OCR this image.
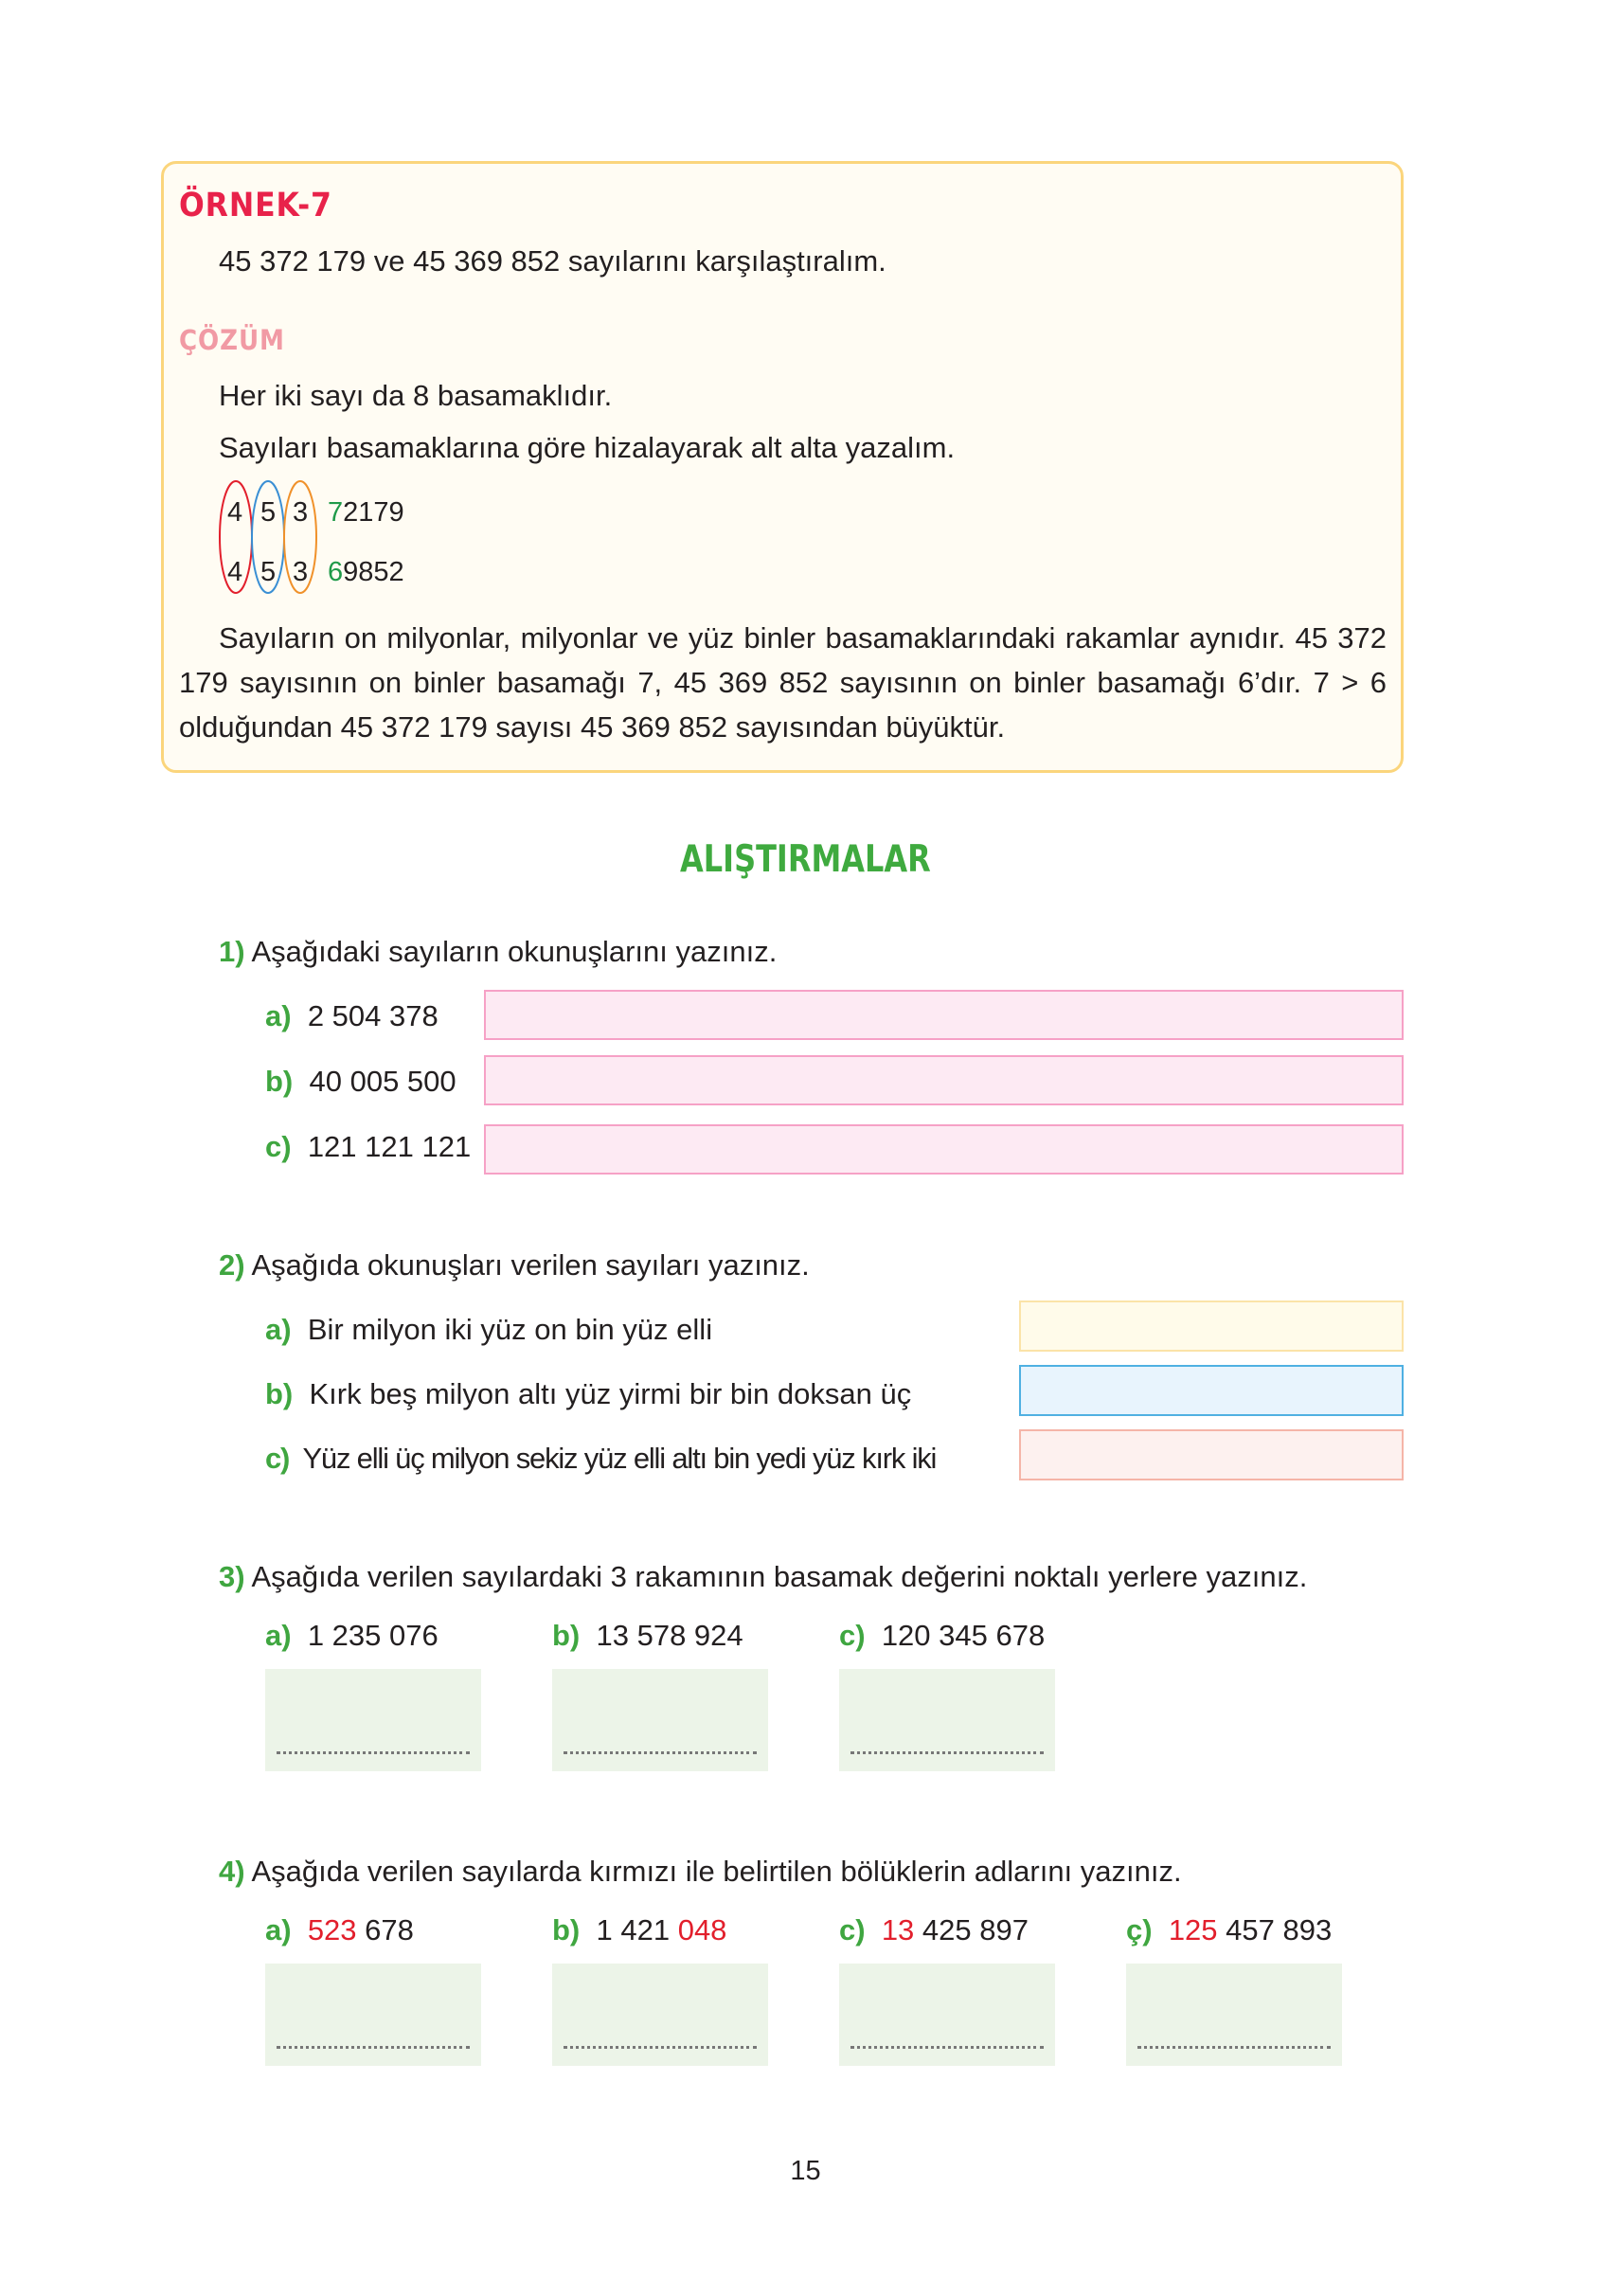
ÖRNEK-7
45 372 179 ve 45 369 852 sayılarını karşılaştıralım.
ÇÖZÜM
Her iki sayı da 8 basamaklıdır.
Sayıları basamaklarına göre hizalayarak alt alta yazalım.
4 5 3 72179
4 5 3 69852
Sayıların on milyonlar, milyonlar ve yüz binler basamaklarındaki rakamlar aynıdır. 45 372 179 sayısının on binler basamağı 7, 45 369 852 sayısının on binler basamağı 6’dır. 7 > 6 olduğundan 45 372 179 sayısı 45 369 852 sayısından büyüktür.
ALIŞTIRMALAR
1) Aşağıdaki sayıların okunuşlarını yazınız.
a) 2 504 378
b) 40 005 500
c) 121 121 121
2) Aşağıda okunuşları verilen sayıları yazınız.
a) Bir milyon iki yüz on bin yüz elli
b) Kırk beş milyon altı yüz yirmi bir bin doksan üç
c) Yüz elli üç milyon sekiz yüz elli altı bin yedi yüz kırk iki
3) Aşağıda verilen sayılardaki 3 rakamının basamak değerini noktalı yerlere yazınız.
a) 1 235 076	b) 13 578 924	c) 120 345 678
4) Aşağıda verilen sayılarda kırmızı ile belirtilen bölüklerin adlarını yazınız.
a) 523 678	b) 1 421 048	c) 13 425 897	ç) 125 457 893
15
